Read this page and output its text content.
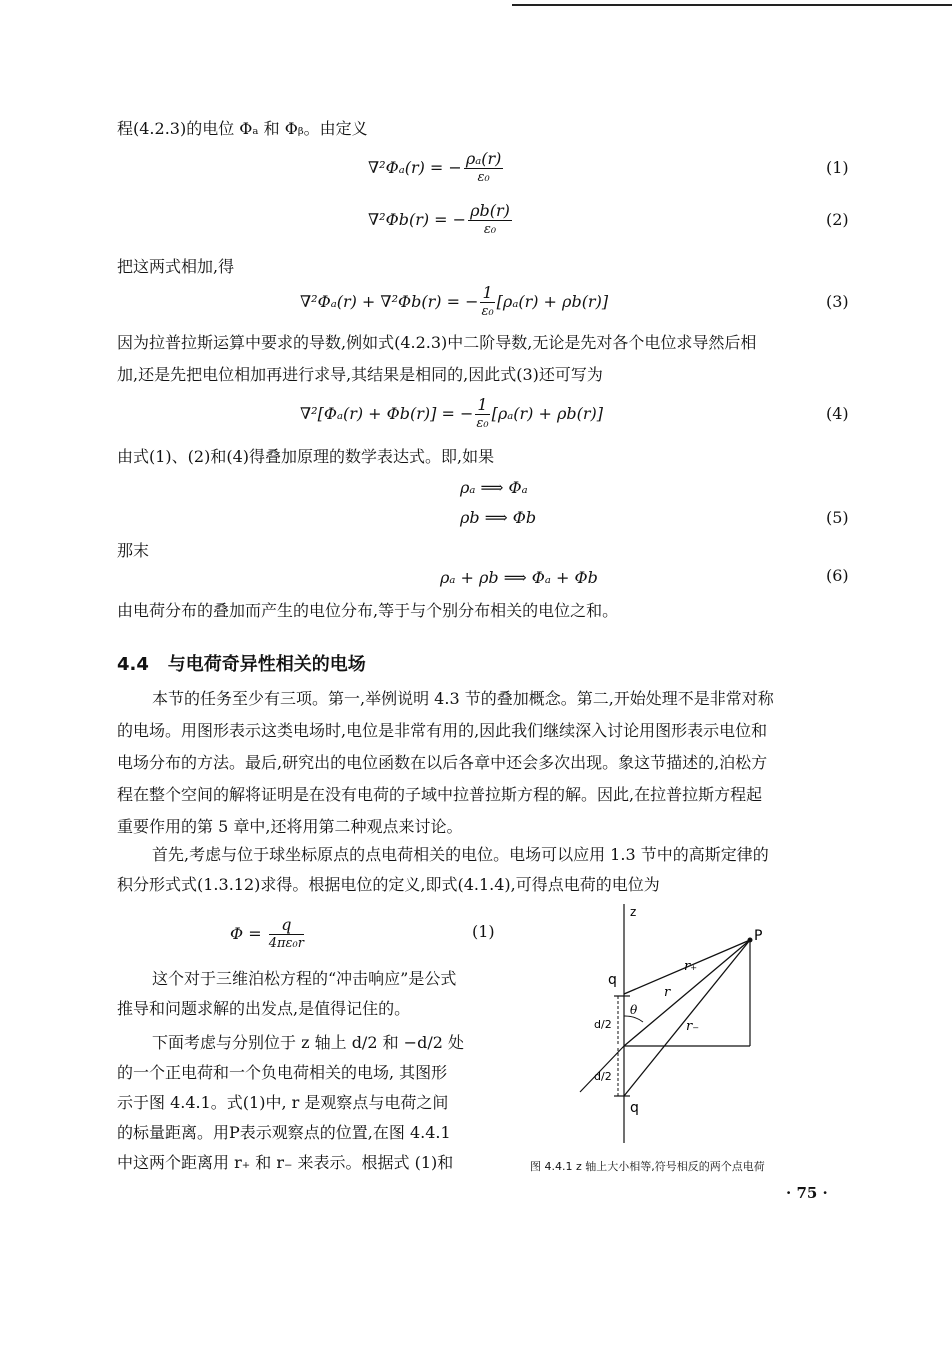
程(4.2.3)的电位 Φₐ 和 Φᵦ。由定义
∇²Φₐ(r) = − $\frac{\text{ρₐ(r)}}{\text{ε₀}}$	(1)
∇²Φb(r) = − $\frac{\rho b(r)}{\text{ε₀}}$	(2)
把这两式相加,得
∇²Φₐ(r) + ∇²Φb(r) = − $\frac{1}{\text{ε₀}} [\rho_a(r) + \rho b(r)]$	(3)
因为拉普拉斯运算中要求的导数,例如式(4.2.3)中二阶导数,无论是先对各个电位求导然后相
加,还是先把电位相加再进行求导,其结果是相同的,因此式(3)还可写为
∇²[Φₐ(r) + Φb(r)] = − $\frac{1}{\text{ε₀}} [\rho_a(r) + \rho b(r)]$	(4)
由式(1)、(2)和(4)得叠加原理的数学表达式。即,如果
ρₐ ⟹ Φₐ
ρb ⟹ Φb	(5)
那末
ρₐ + ρb ⟹ Φₐ + Φb	(6)
由电荷分布的叠加而产生的电位分布,等于与个别分布相关的电位之和。
4.4 与电荷奇异性相关的电场
本节的任务至少有三项。第一,举例说明 4.3 节的叠加概念。第二,开始处理不是非常对称
的电场。用图形表示这类电场时,电位是非常有用的,因此我们继续深入讨论用图形表示电位和
电场分布的方法。最后,研究出的电位函数在以后各章中还会多次出现。象这节描述的,泊松方
程在整个空间的解将证明是在没有电荷的子域中拉普拉斯方程的解。因此,在拉普拉斯方程起
重要作用的第 5 章中,还将用第二种观点来讨论。
首先,考虑与位于球坐标原点的点电荷相关的电位。电场可以应用 1.3 节中的高斯定律的
积分形式式(1.3.12)求得。根据电位的定义,即式(4.1.4),可得点电荷的电位为
$\Phi = \frac{q}{\text{4πε₀r}}$	(1)
这个对于三维泊松方程的“冲击响应”是公式
推导和问题求解的出发点,是值得记住的。
下面考虑与分别位于 z 轴上 d/2 和 −d/2 处
的一个正电荷和一个负电荷相关的电场, 其图形
示于图 4.4.1。式(1)中, r 是观察点与电荷之间
的标量距离。用P表示观察点的位置,在图 4.4.1
中这两个距离用 r₊ 和 r₋ 来表示。根据式 (1)和
z
P
q
q
r₊
r
r₋
θ
d/2
d/2
图 4.4.1 z 轴上大小相等,符号相反的两个点电荷
· 75 ·
